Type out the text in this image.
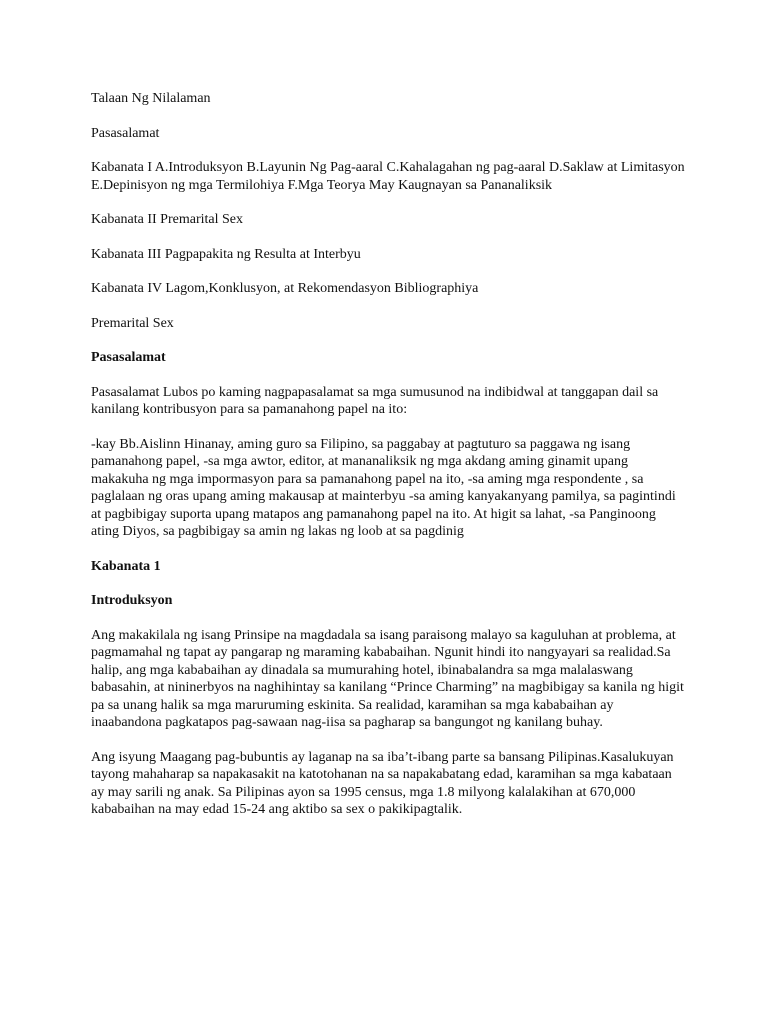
Talaan Ng Nilalaman

Pasasalamat

Kabanata I A.Introduksyon B.Layunin Ng Pag-aaral C.Kahalagahan ng pag-aaral D.Saklaw at Limitasyon E.Depinisyon ng mga Termilohiya F.Mga Teorya May Kaugnayan sa Pananaliksik

Kabanata II Premarital Sex

Kabanata III Pagpapakita ng Resulta at Interbyu

Kabanata IV Lagom,Konklusyon, at Rekomendasyon Bibliographiya

Premarital Sex

Pasasalamat

Pasasalamat Lubos po kaming nagpapasalamat sa mga sumusunod na indibidwal at tanggapan dail sa kanilang kontribusyon para sa pamanahong papel na ito:

-kay Bb.Aislinn Hinanay, aming guro sa Filipino, sa paggabay at pagtuturo sa paggawa ng isang pamanahong papel, -sa mga awtor, editor, at mananaliksik ng mga akdang aming ginamit upang makakuha ng mga impormasyon para sa pamanahong papel na ito, -sa aming mga respondente , sa paglalaan ng oras upang aming makausap at mainterbyu -sa aming kanyakanyang pamilya, sa pagintindi at pagbibigay suporta upang matapos ang pamanahong papel na ito. At higit sa lahat, -sa Panginoong ating Diyos, sa pagbibigay sa amin ng lakas ng loob at sa pagdinig

Kabanata 1

Introduksyon

Ang makakilala ng isang Prinsipe na magdadala sa isang paraisong malayo sa kaguluhan at problema, at pagmamahal ng tapat ay pangarap ng maraming kababaihan. Ngunit hindi ito nangyayari sa realidad.Sa halip, ang mga kababaihan ay dinadala sa mumurahing hotel, ibinabalandra sa mga malalaswang babasahin, at nininerbyos na naghihintay sa kanilang “Prince Charming” na magbibigay sa kanila ng higit pa sa unang halik sa mga maruruming eskinita. Sa realidad, karamihan sa mga kababaihan ay inaabandona pagkatapos pag-sawaan nag-iisa sa pagharap sa bangungot ng kanilang buhay.

Ang isyung Maagang pag-bubuntis ay laganap na sa iba’t-ibang parte sa bansang Pilipinas.Kasalukuyan tayong mahaharap sa napakasakit na katotohanan na sa napakabatang edad, karamihan sa mga kabataan ay may sarili ng anak. Sa Pilipinas ayon sa 1995 census, mga 1.8 milyong kalalakihan at 670,000 kababaihan na may edad 15-24 ang aktibo sa sex o pakikipagtalik.
